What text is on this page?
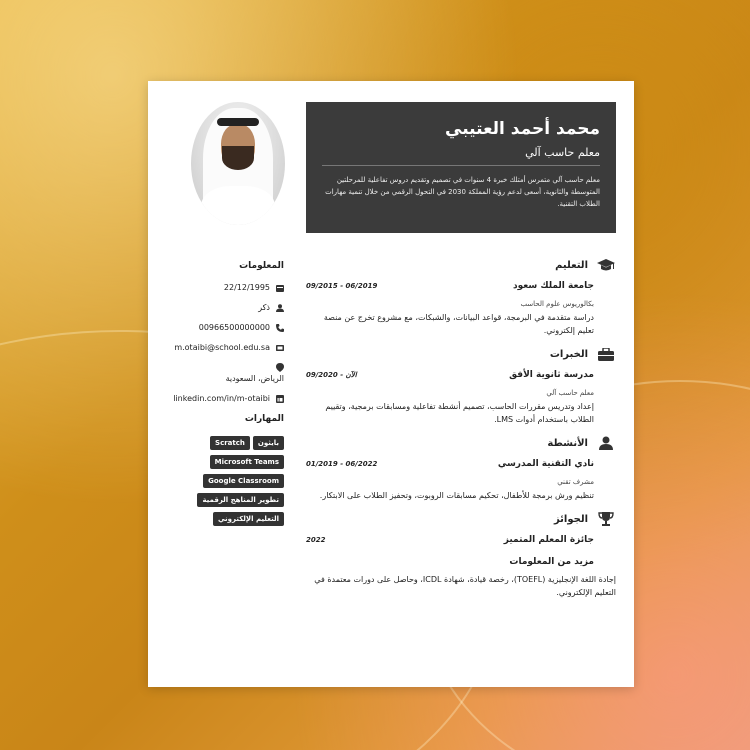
محمد أحمد العتيبي
معلم حاسب آلي
معلم حاسب آلي متمرس أمتلك خبرة 4 سنوات في تصميم وتقديم دروس تفاعلية للمرحلتين المتوسطة والثانوية، أسعى لدعم رؤية المملكة 2030 في التحول الرقمي من خلال تنمية مهارات الطلاب التقنية.
التعليم
جامعة الملك سعود
09/2015 - 06/2019
بكالوريوس علوم الحاسب
دراسة متقدمة في البرمجة، قواعد البيانات، والشبكات، مع مشروع تخرج عن منصة تعليم إلكتروني.
الخبرات
مدرسة ثانوية الأفق
09/2020 - الآن
معلم حاسب آلي
إعداد وتدريس مقررات الحاسب، تصميم أنشطة تفاعلية ومسابقات برمجية، وتقييم الطلاب باستخدام أدوات LMS.
الأنشطة
نادي التقنية المدرسي
01/2019 - 06/2022
مشرف تقني
تنظيم ورش برمجة للأطفال، تحكيم مسابقات الروبوت، وتحفيز الطلاب على الابتكار.
الجوائز
جائزة المعلم المتميز
2022
مزيد من المعلومات
إجادة اللغة الإنجليزية (TOEFL)، رخصة قيادة، شهادة ICDL، وحاصل على دورات معتمدة في التعليم الإلكتروني.
المعلومات
22/12/1995
ذكر
00966500000000
m.otaibi@school.edu.sa
الرياض، السعودية
linkedin.com/in/m-otaibi
المهارات
بايثون
Scratch
Microsoft Teams
Google Classroom
تطوير المناهج الرقمية
التعليم الإلكتروني
